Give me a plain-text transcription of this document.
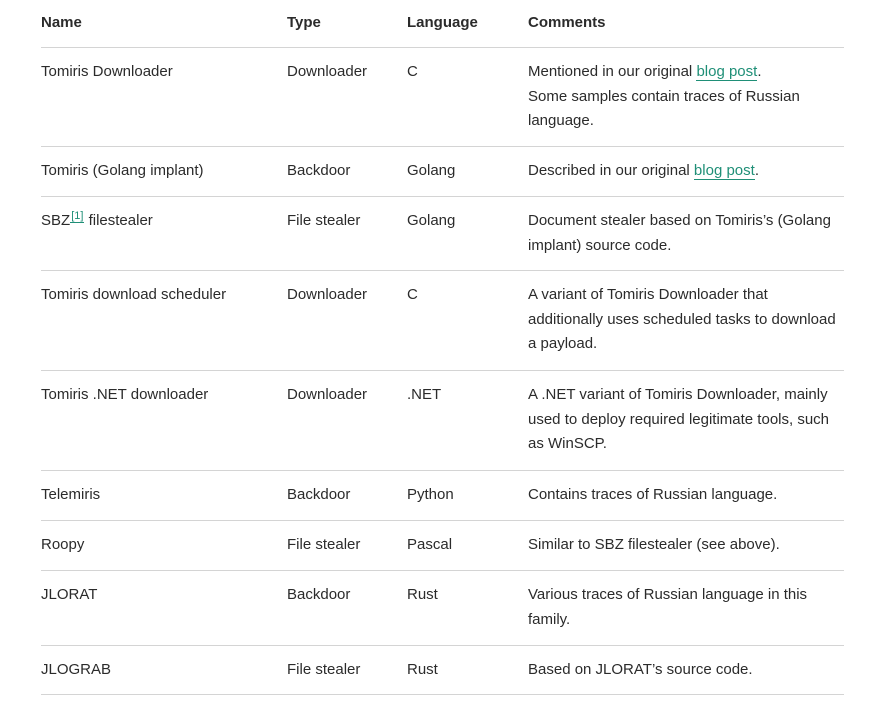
Name	Type	Language	Comments
Tomiris Downloader	Downloader	C	Mentioned in our original blog post.
Some samples contain traces of Russian language.
Tomiris (Golang implant)	Backdoor	Golang	Described in our original blog post.
SBZ[1] filestealer	File stealer	Golang	Document stealer based on Tomiris’s (Golang implant) source code.
Tomiris download scheduler	Downloader	C	A variant of Tomiris Downloader that additionally uses scheduled tasks to download a payload.
Tomiris .NET downloader	Downloader	.NET	A .NET variant of Tomiris Downloader, mainly used to deploy required legitimate tools, such as WinSCP.
Telemiris	Backdoor	Python	Contains traces of Russian language.
Roopy	File stealer	Pascal	Similar to SBZ filestealer (see above).
JLORAT	Backdoor	Rust	Various traces of Russian language in this family.
JLOGRAB	File stealer	Rust	Based on JLORAT’s source code.
